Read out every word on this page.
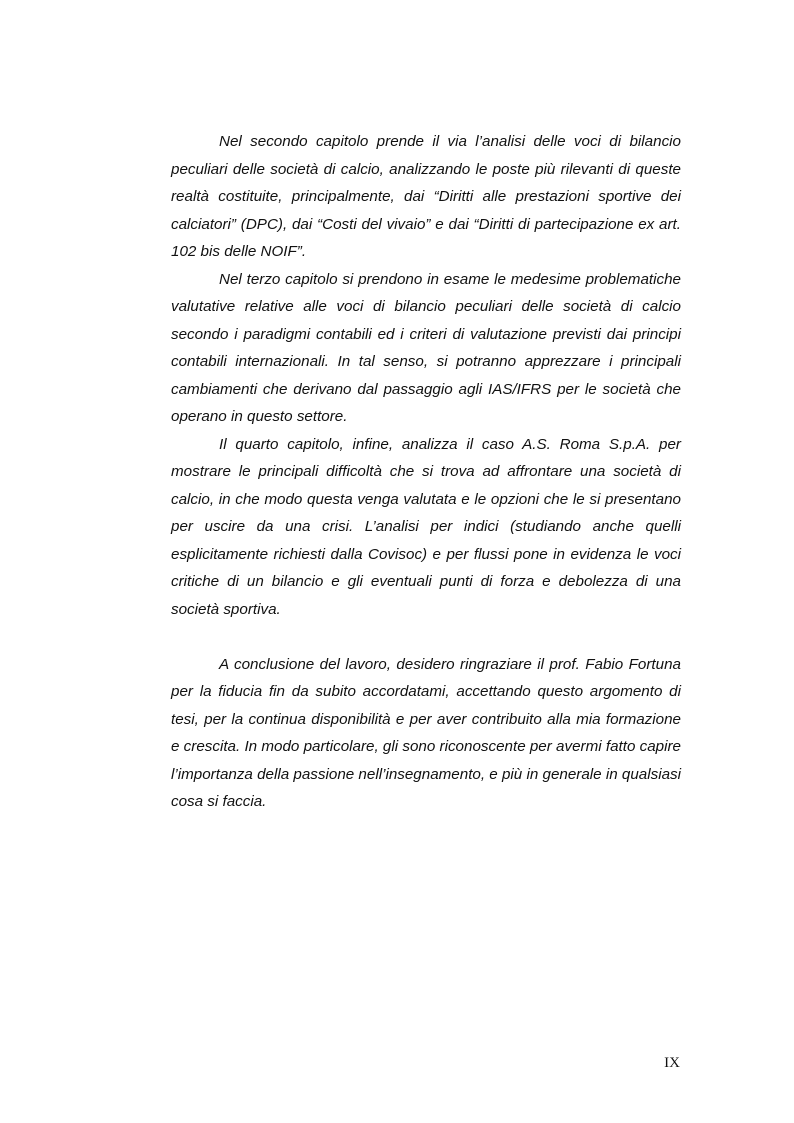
Nel secondo capitolo prende il via l’analisi delle voci di bilancio peculiari delle società di calcio, analizzando le poste più rilevanti di queste realtà costituite, principalmente, dai “Diritti alle prestazioni sportive dei calciatori” (DPC), dai “Costi del vivaio” e dai “Diritti di partecipazione ex art. 102 bis delle NOIF”.

Nel terzo capitolo si prendono in esame le medesime problematiche valutative relative alle voci di bilancio peculiari delle società di calcio secondo i paradigmi contabili ed i criteri di valutazione previsti dai principi contabili internazionali. In tal senso, si potranno apprezzare i principali cambiamenti che derivano dal passaggio agli IAS/IFRS per le società che operano in questo settore.

Il quarto capitolo, infine, analizza il caso A.S. Roma S.p.A. per mostrare le principali difficoltà che si trova ad affrontare una società di calcio, in che modo questa venga valutata e le opzioni che le si presentano per uscire da una crisi. L’analisi per indici (studiando anche quelli esplicitamente richiesti dalla Covisoc) e per flussi pone in evidenza le voci critiche di un bilancio e gli eventuali punti di forza e debolezza di una società sportiva.

A conclusione del lavoro, desidero ringraziare il prof. Fabio Fortuna per la fiducia fin da subito accordatami, accettando questo argomento di tesi, per la continua disponibilità e per aver contribuito alla mia formazione e crescita. In modo particolare, gli sono riconoscente per avermi fatto capire l’importanza della passione nell’insegnamento, e più in generale in qualsiasi cosa si faccia.

IX
